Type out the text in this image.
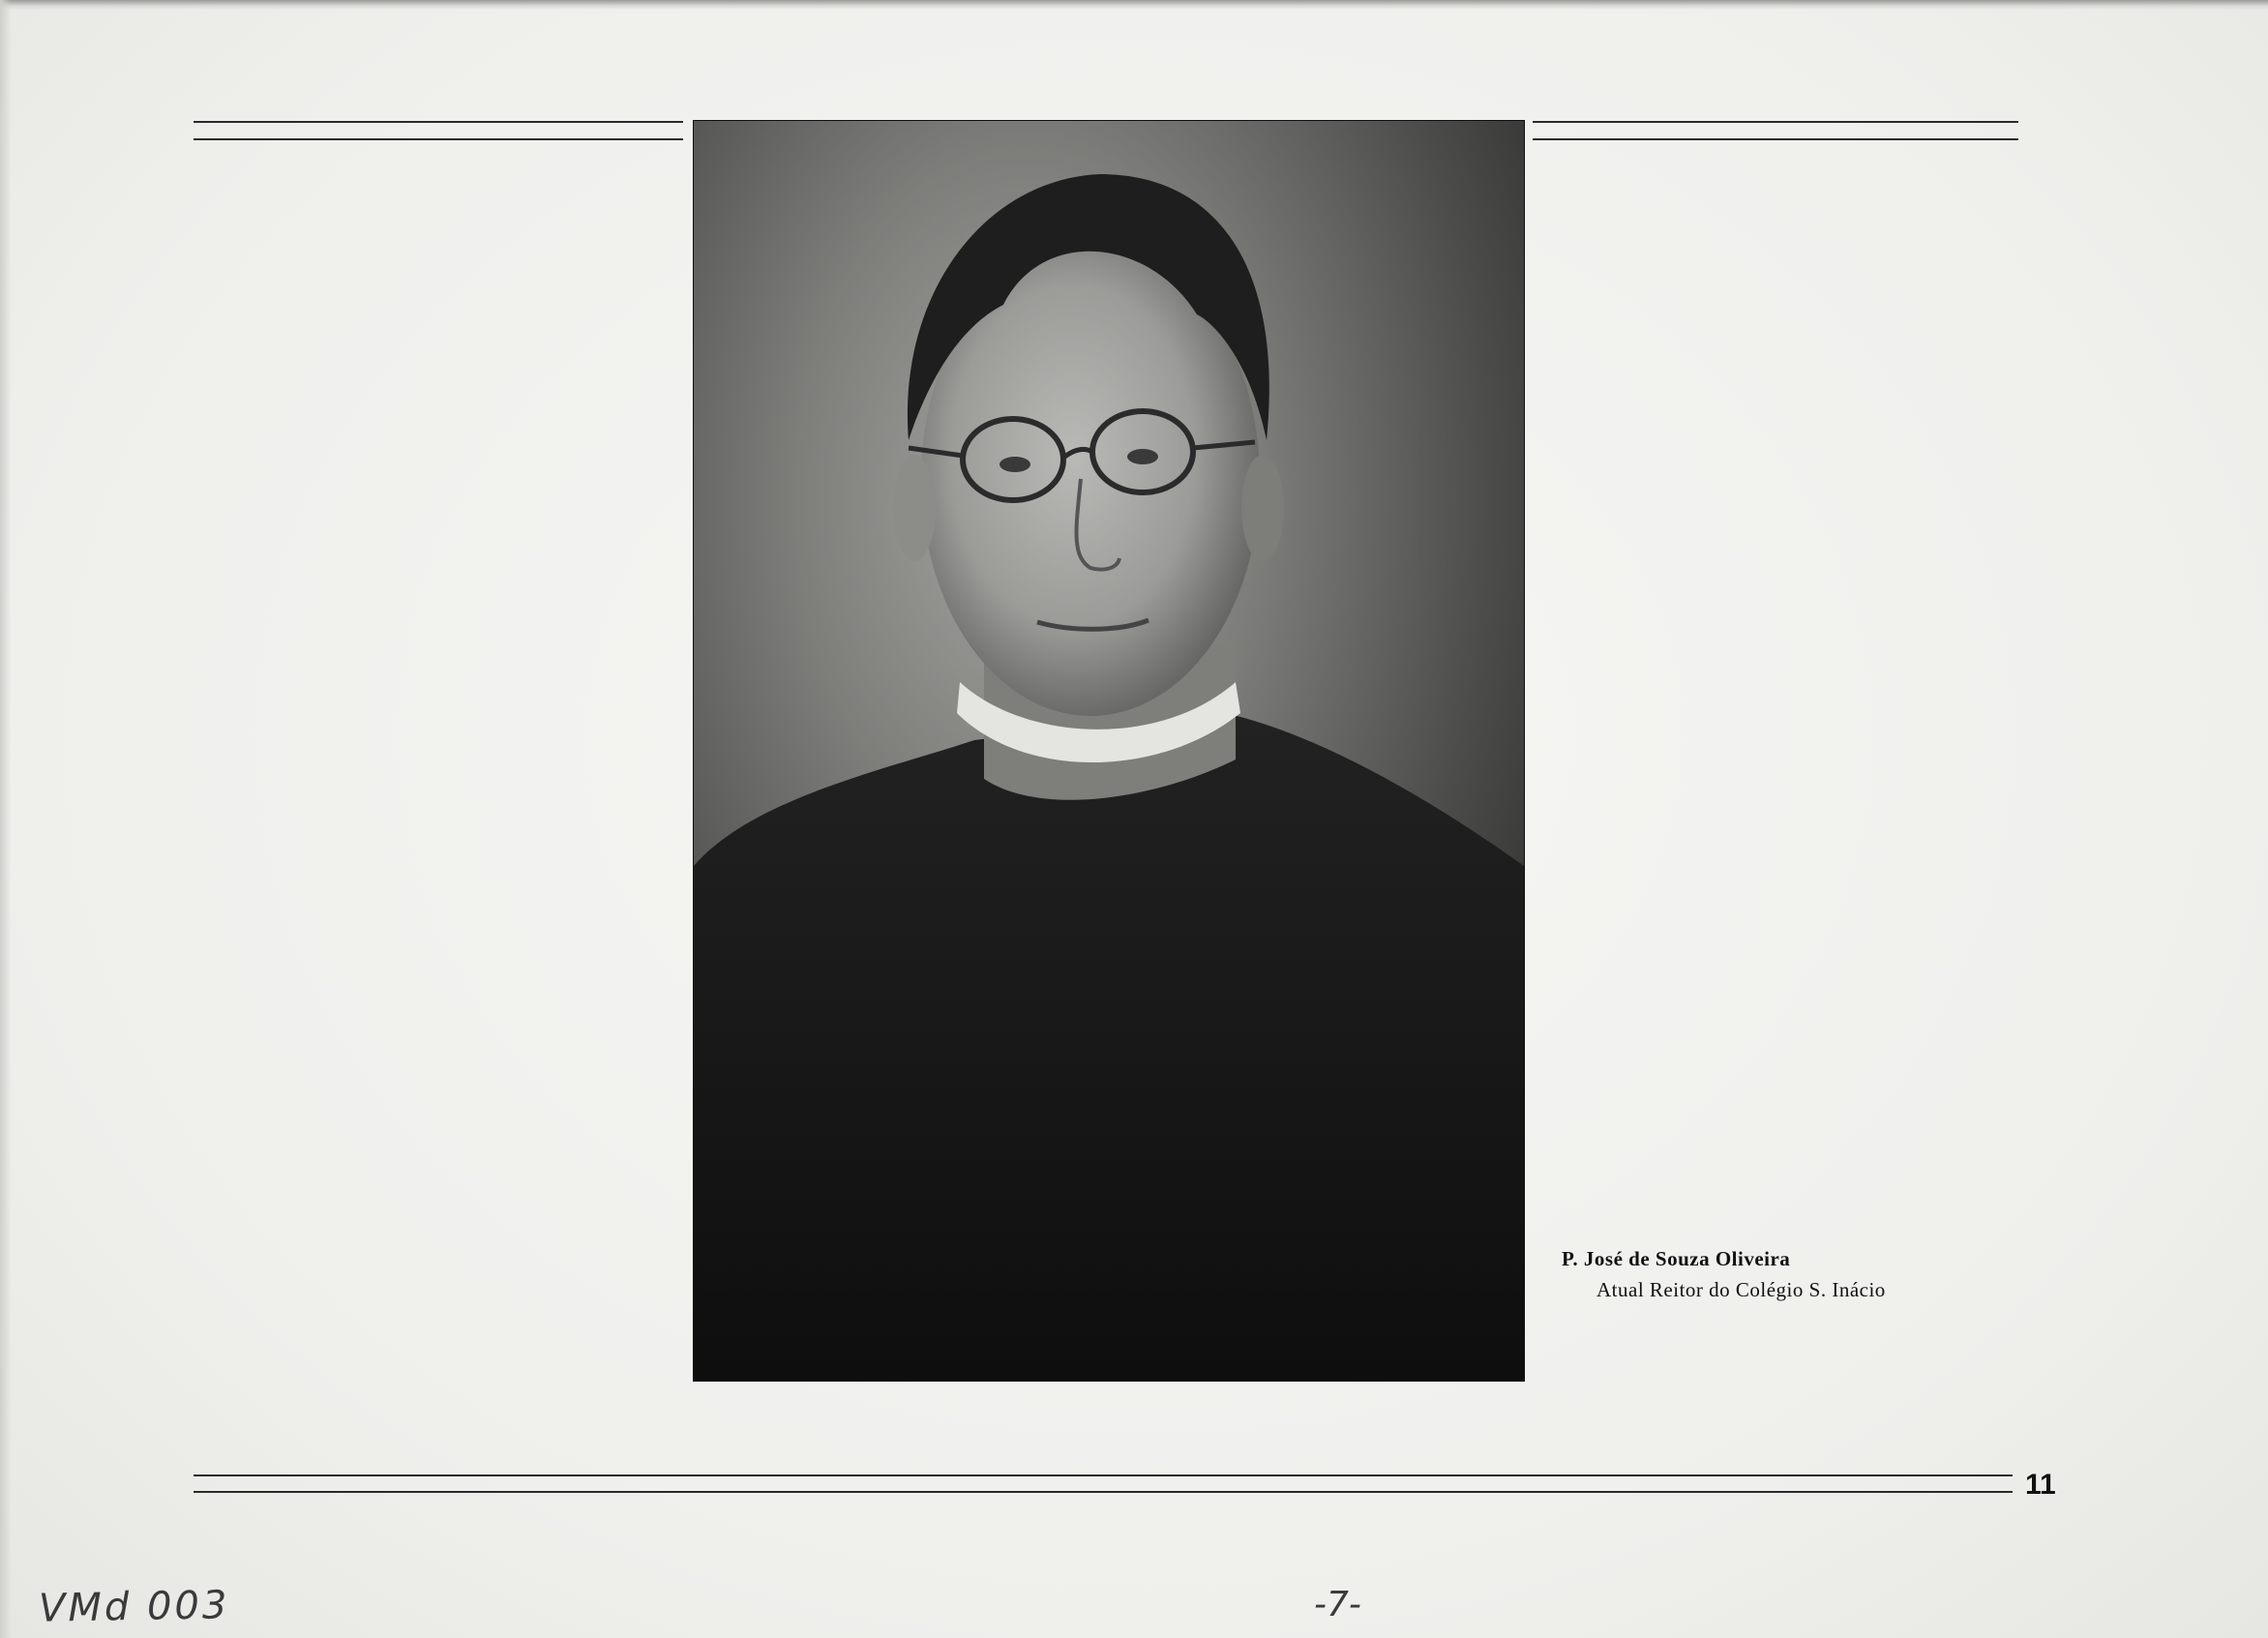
P. José de Souza Oliveira
Atual Reitor do Colégio S. Inácio
11
VMd 003	-7-
